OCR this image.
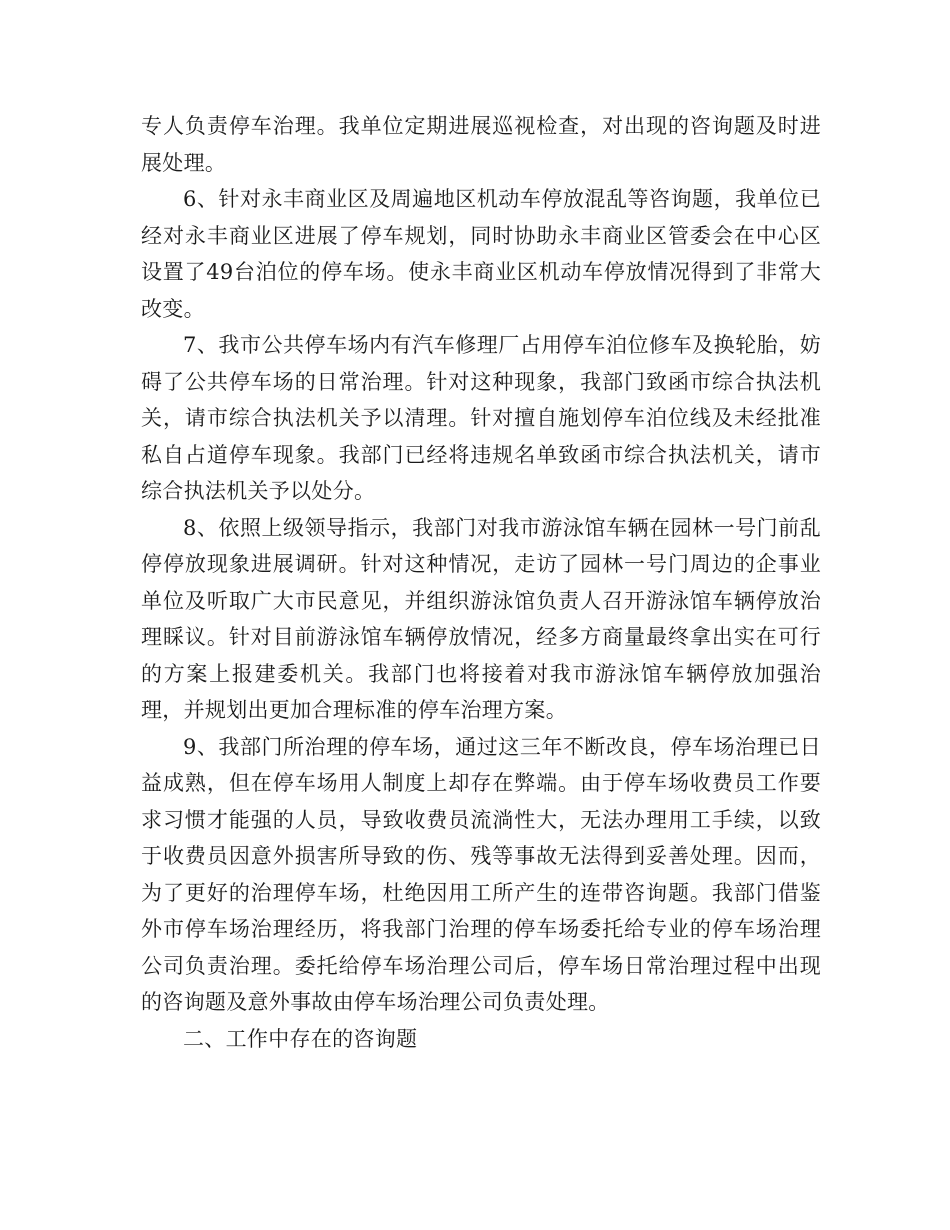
专人负责停车治理。我单位定期进展巡视检查，对出现的咨询题及时进展处理。

6、针对永丰商业区及周遍地区机动车停放混乱等咨询题，我单位已经对永丰商业区进展了停车规划，同时协助永丰商业区管委会在中心区设置了49台泊位的停车场。使永丰商业区机动车停放情况得到了非常大改变。

7、我市公共停车场内有汽车修理厂占用停车泊位修车及换轮胎，妨碍了公共停车场的日常治理。针对这种现象，我部门致函市综合执法机关，请市综合执法机关予以清理。针对擅自施划停车泊位线及未经批准私自占道停车现象。我部门已经将违规名单致函市综合执法机关，请市综合执法机关予以处分。

8、依照上级领导指示，我部门对我市游泳馆车辆在园林一号门前乱停停放现象进展调研。针对这种情况，走访了园林一号门周边的企事业单位及听取广大市民意见，并组织游泳馆负责人召开游泳馆车辆停放治理睬议。针对目前游泳馆车辆停放情况，经多方商量最终拿出实在可行的方案上报建委机关。我部门也将接着对我市游泳馆车辆停放加强治理，并规划出更加合理标准的停车治理方案。

9、我部门所治理的停车场，通过这三年不断改良，停车场治理已日益成熟，但在停车场用人制度上却存在弊端。由于停车场收费员工作要求习惯才能强的人员，导致收费员流淌性大，无法办理用工手续，以致于收费员因意外损害所导致的伤、残等事故无法得到妥善处理。因而，为了更好的治理停车场，杜绝因用工所产生的连带咨询题。我部门借鉴外市停车场治理经历，将我部门治理的停车场委托给专业的停车场治理公司负责治理。委托给停车场治理公司后，停车场日常治理过程中出现的咨询题及意外事故由停车场治理公司负责处理。

二、工作中存在的咨询题
